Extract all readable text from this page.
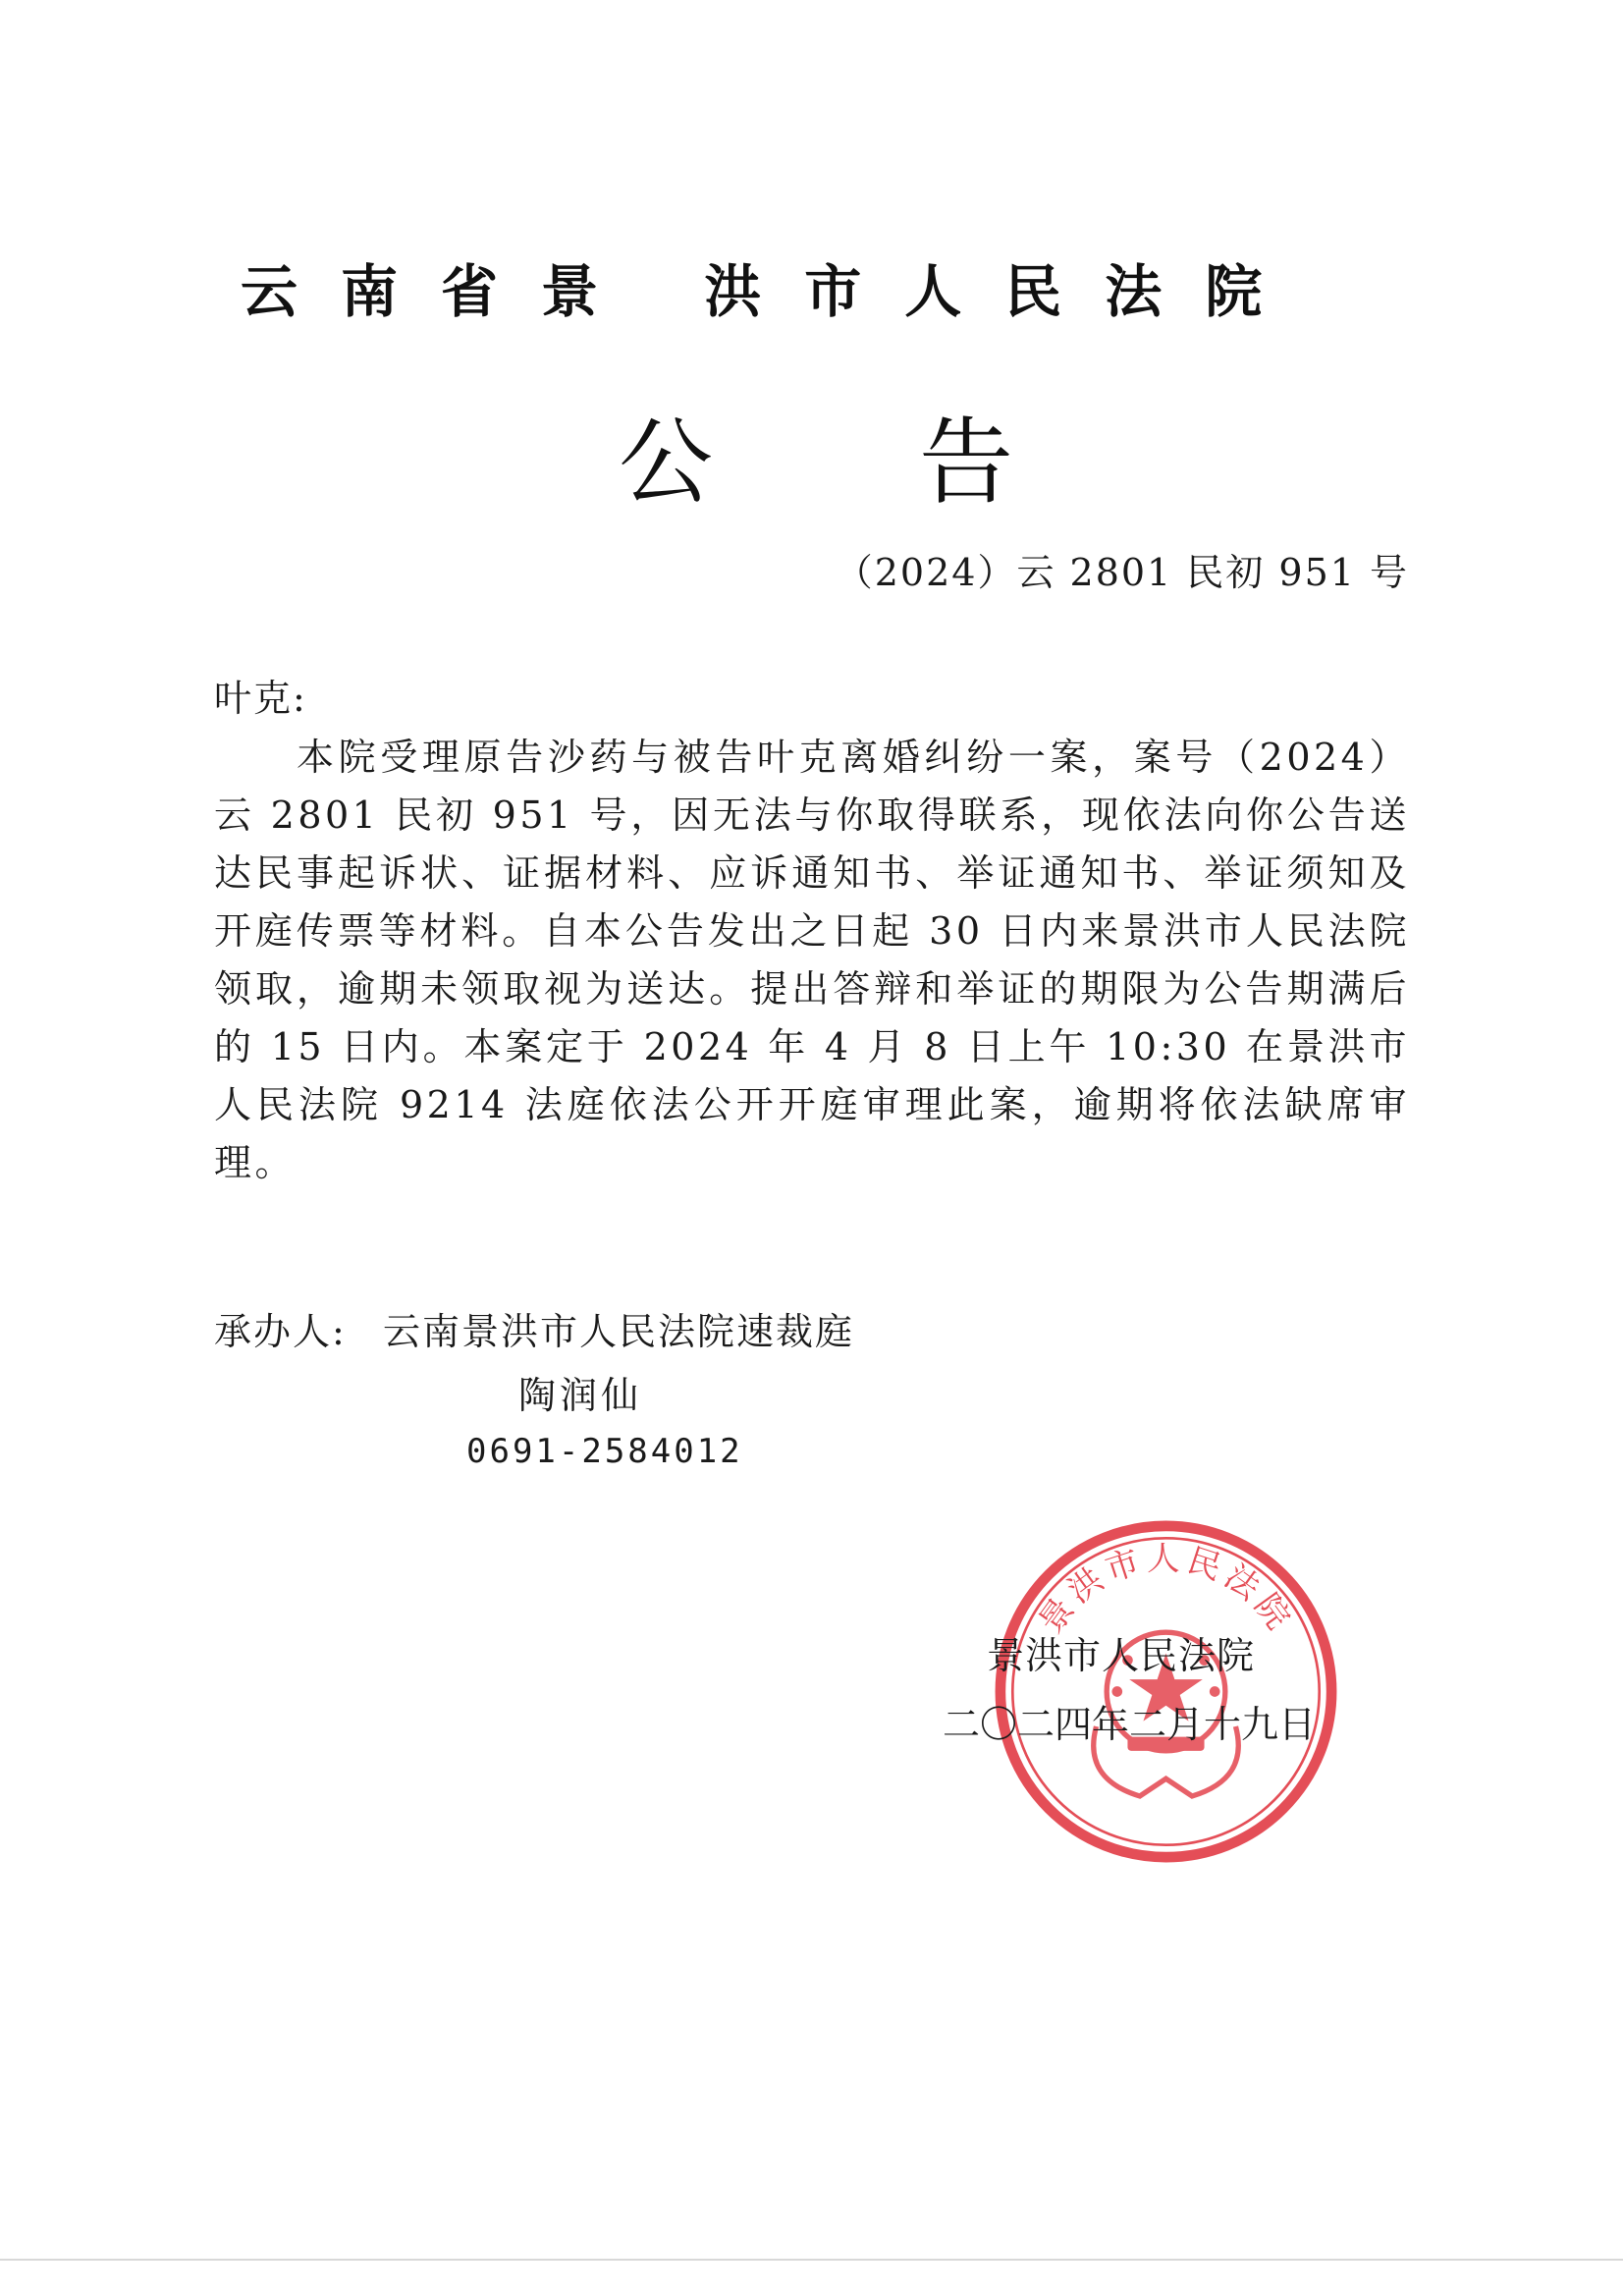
云南省景 洪市人民法院
公告
（2024）云 2801 民初 951 号
叶克:

本院受理原告沙药与被告叶克离婚纠纷一案，案号（2024）云 2801 民初 951 号，因无法与你取得联系，现依法向你公告送达民事起诉状、证据材料、应诉通知书、举证通知书、举证须知及开庭传票等材料。自本公告发出之日起 30 日内来景洪市人民法院领取，逾期未领取视为送达。提出答辩和举证的期限为公告期满后的 15 日内。本案定于 2024 年 4 月 8 日上午 10:30 在景洪市人民法院 9214 法庭依法公开开庭审理此案，逾期将依法缺席审理。

承办人: 云南景洪市人民法院速裁庭
陶润仙
0691-2584012
景洪市人民法院
景洪市人民法院
二〇二四年二月十九日
